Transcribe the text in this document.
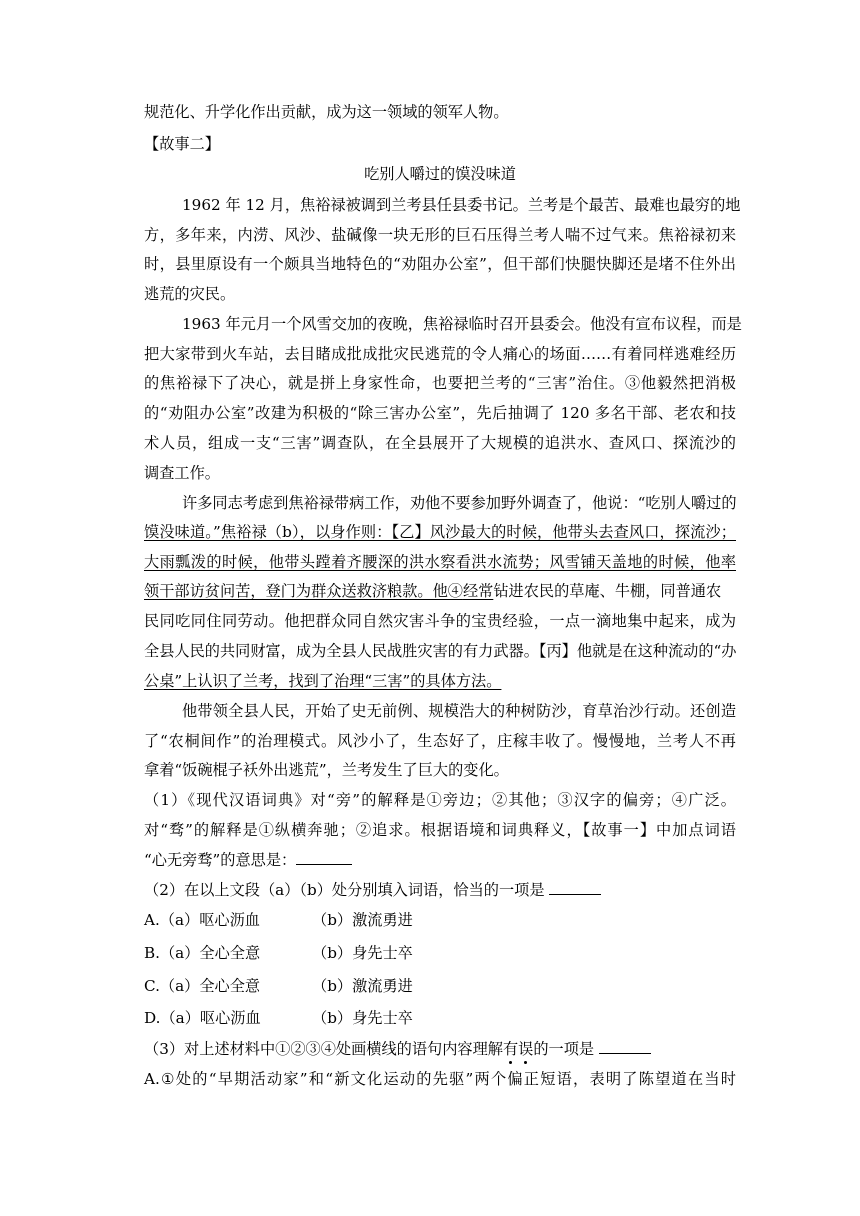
规范化、升学化作出贡献，成为这一领域的领军人物。
【故事二】
吃别人嚼过的馍没味道
1962 年 12 月，焦裕禄被调到兰考县任县委书记。兰考是个最苦、最难也最穷的地
方，多年来，内涝、风沙、盐碱像一块无形的巨石压得兰考人喘不过气来。焦裕禄初来
时，县里原设有一个颇具当地特色的“劝阻办公室”，但干部们快腿快脚还是堵不住外出
逃荒的灾民。
1963 年元月一个风雪交加的夜晚，焦裕禄临时召开县委会。他没有宣布议程，而是
把大家带到火车站，去目睹成批成批灾民逃荒的令人痛心的场面……有着同样逃难经历
的焦裕禄下了决心，就是拼上身家性命，也要把兰考的“三害”治住。③他毅然把消极
的“劝阻办公室”改建为积极的“除三害办公室”，先后抽调了 120 多名干部、老农和技
术人员，组成一支“三害”调查队，在全县展开了大规模的追洪水、查风口、探流沙的
调查工作。
许多同志考虑到焦裕禄带病工作，劝他不要参加野外调查了，他说：“吃别人嚼过的
馍没味道。”焦裕禄（b），以身作则：【乙】风沙最大的时候，他带头去查风口，探流沙；
大雨瓢泼的时候，他带头蹚着齐腰深的洪水察看洪水流势；风雪铺天盖地的时候，他率
领干部访贫问苦，登门为群众送救济粮款。他④经常钻进农民的草庵、牛棚，同普通农
民同吃同住同劳动。他把群众同自然灾害斗争的宝贵经验，一点一滴地集中起来，成为
全县人民的共同财富，成为全县人民战胜灾害的有力武器。【丙】他就是在这种流动的“办
公桌”上认识了兰考，找到了治理“三害”的具体方法。
他带领全县人民，开始了史无前例、规模浩大的种树防沙，育草治沙行动。还创造
了“农桐间作”的治理模式。风沙小了，生态好了，庄稼丰收了。慢慢地，兰考人不再
拿着“饭碗棍子袄外出逃荒”，兰考发生了巨大的变化。
（1）《现代汉语词典》对“旁”的解释是①旁边；②其他；③汉字的偏旁；④广泛。
对“骛”的解释是①纵横奔驰；②追求。根据语境和词典释义，【故事一】中加点词语
“心无旁骛”的意思是：
（2）在以上文段（a）（b）处分别填入词语，恰当的一项是
A.（a）呕心沥血	（b）激流勇进
B.（a）全心全意	（b）身先士卒
C.（a）全心全意	（b）激流勇进
D.（a）呕心沥血	（b）身先士卒
（3）对上述材料中①②③④处画横线的语句内容理解有误的一项是
A.①处的“早期活动家”和“新文化运动的先驱”两个偏正短语，表明了陈望道在当时
